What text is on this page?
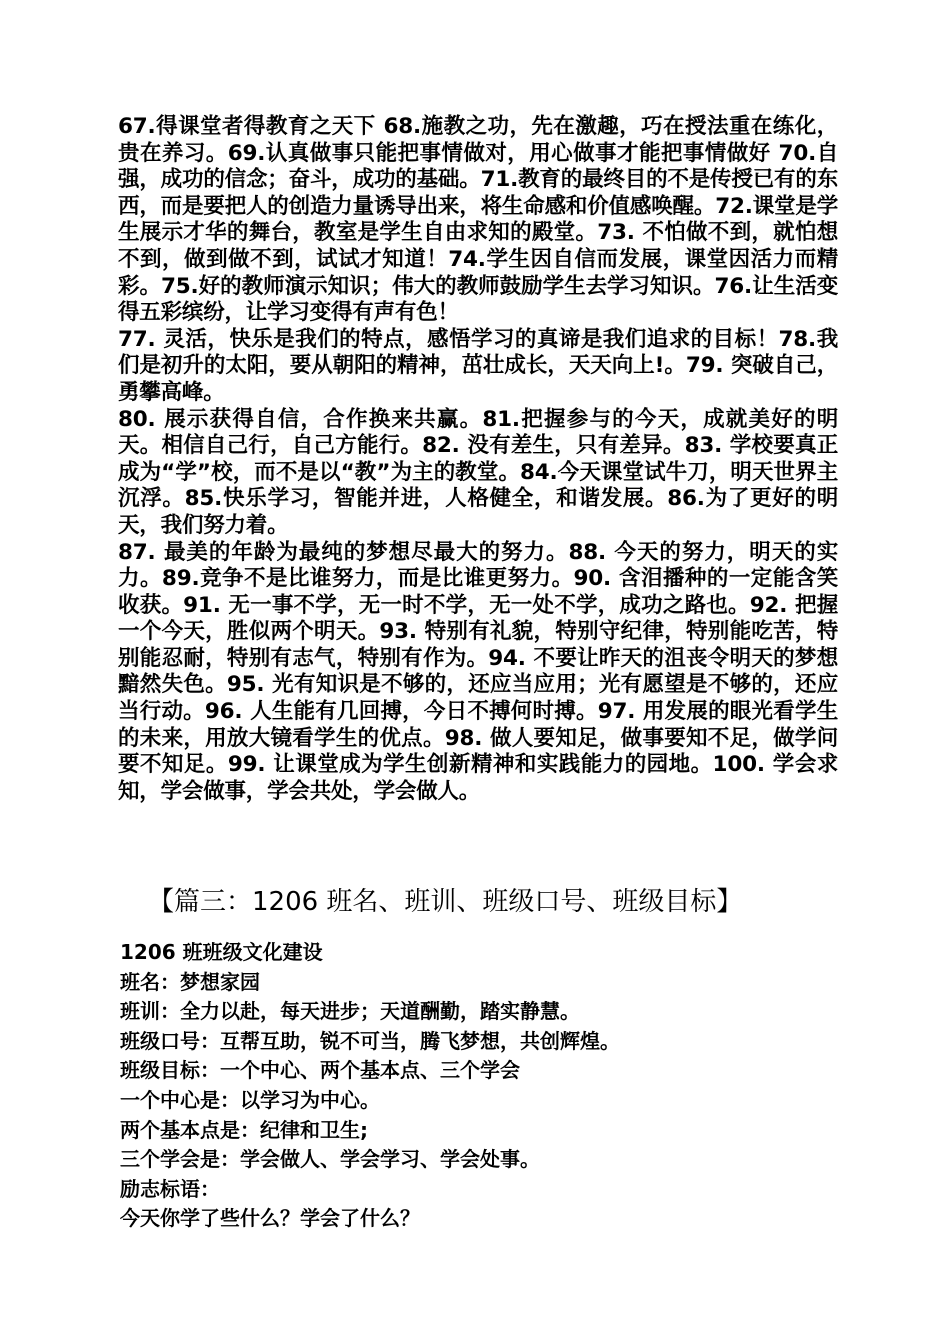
67.得课堂者得教育之天下 68.施教之功，先在激趣，巧在授法重在练化，贵在养习。69.认真做事只能把事情做对，用心做事才能把事情做好 70.自强，成功的信念；奋斗，成功的基础。71.教育的最终目的不是传授已有的东西，而是要把人的创造力量诱导出来，将生命感和价值感唤醒。72.课堂是学生展示才华的舞台，教室是学生自由求知的殿堂。73. 不怕做不到，就怕想不到，做到做不到，试试才知道！74.学生因自信而发展，课堂因活力而精彩。75.好的教师演示知识；伟大的教师鼓励学生去学习知识。76.让生活变得五彩缤纷，让学习变得有声有色！

77. 灵活，快乐是我们的特点，感悟学习的真谛是我们追求的目标！78.我们是初升的太阳，要从朝阳的精神，茁壮成长，天天向上!。79. 突破自己，勇攀高峰。

80. 展示获得自信，合作换来共赢。81.把握参与的今天，成就美好的明天。相信自己行，自己方能行。82. 没有差生，只有差异。83. 学校要真正成为“学”校，而不是以“教”为主的教堂。84.今天课堂试牛刀，明天世界主沉浮。85.快乐学习，智能并进，人格健全，和谐发展。86.为了更好的明天，我们努力着。

87. 最美的年龄为最纯的梦想尽最大的努力。88. 今天的努力，明天的实力。89.竞争不是比谁努力，而是比谁更努力。90. 含泪播种的一定能含笑收获。91. 无一事不学，无一时不学，无一处不学，成功之路也。92. 把握一个今天，胜似两个明天。93. 特别有礼貌，特别守纪律，特别能吃苦，特别能忍耐，特别有志气，特别有作为。94. 不要让昨天的沮丧令明天的梦想黯然失色。95. 光有知识是不够的，还应当应用；光有愿望是不够的，还应当行动。96. 人生能有几回搏，今日不搏何时搏。97. 用发展的眼光看学生的未来，用放大镜看学生的优点。98. 做人要知足，做事要知不足，做学问要不知足。99. 让课堂成为学生创新精神和实践能力的园地。100. 学会求知，学会做事，学会共处，学会做人。

【篇三：1206 班名、班训、班级口号、班级目标】

1206 班班级文化建设

班名：梦想家园

班训：全力以赴，每天进步；天道酬勤，踏实静慧。

班级口号：互帮互助，锐不可当，腾飞梦想，共创辉煌。

班级目标：一个中心、两个基本点、三个学会

一个中心是：以学习为中心。

两个基本点是：纪律和卫生;

三个学会是：学会做人、学会学习、学会处事。

励志标语：

今天你学了些什么？学会了什么？
